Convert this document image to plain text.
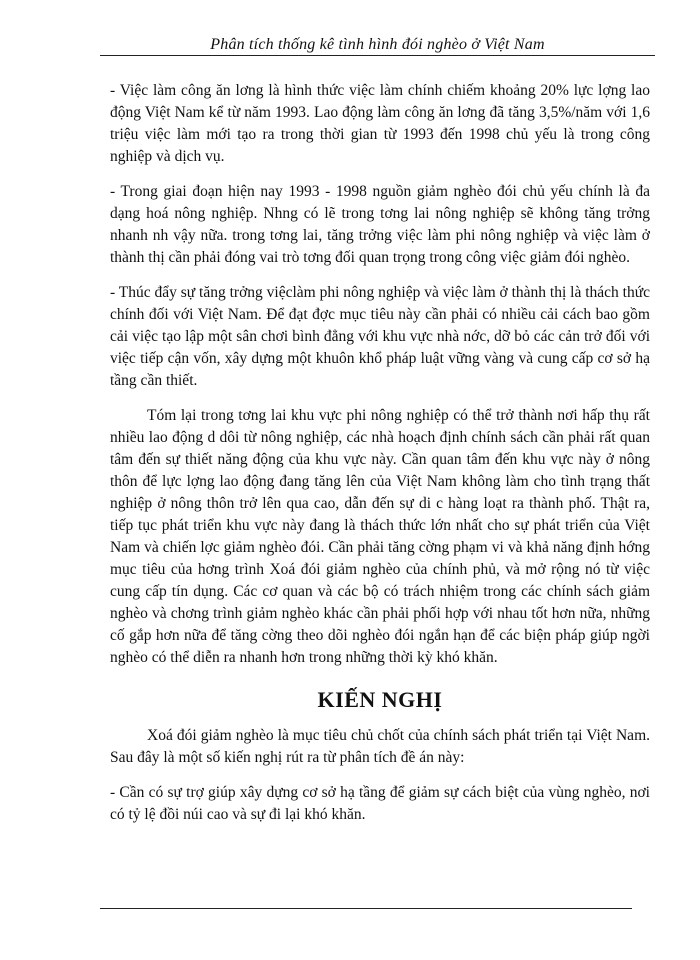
Phân tích thống kê tình hình đói nghèo ở Việt Nam

- Việc làm công ăn lơng là hình thức việc làm chính chiếm khoảng 20% lực lợng lao động Việt Nam kể từ năm 1993. Lao động làm công ăn lơng đã tăng 3,5%/năm với 1,6 triệu việc làm mới tạo ra trong thời gian từ 1993 đến 1998 chủ yếu là trong công nghiệp và dịch vụ.

- Trong giai đoạn hiện nay 1993 - 1998 nguồn giảm nghèo đói chủ yếu chính là đa dạng hoá nông nghiệp. Nhng có lẽ trong tơng lai nông nghiệp sẽ không tăng trởng nhanh nh vậy nữa. trong tơng lai, tăng trởng việc làm phi nông nghiệp và việc làm ở thành thị cần phải đóng vai trò tơng đối quan trọng trong công việc giảm đói nghèo.

- Thúc đẩy sự tăng trởng việclàm phi nông nghiệp và việc làm ở thành thị là thách thức chính đối với Việt Nam. Để đạt đợc mục tiêu này cần phải có nhiều cải cách bao gồm cải việc tạo lập một sân chơi bình đẳng với khu vực nhà nớc, dỡ bỏ các cản trở đối với việc tiếp cận vốn, xây dựng một khuôn khổ pháp luật vững vàng và cung cấp cơ sở hạ tầng cần thiết.

Tóm lại trong tơng lai khu vực phi nông nghiệp có thể trở thành nơi hấp thụ rất nhiều lao động d dôi từ nông nghiệp, các nhà hoạch định chính sách cần phải rất quan tâm đến sự thiết năng động của khu vực này. Cần quan tâm đến khu vực này ở nông thôn để lực lợng lao động đang tăng lên của Việt Nam không làm cho tình trạng thất nghiệp ở nông thôn trở lên qua cao, dẫn đến sự di c hàng loạt ra thành phố. Thật ra, tiếp tục phát triển khu vực này đang là thách thức lớn nhất cho sự phát triển của Việt Nam và chiến lợc giảm nghèo đói. Cần phải tăng cờng phạm vi và khả năng định hớng mục tiêu của hơng trình Xoá đói giảm nghèo của chính phủ, và mở rộng nó từ việc cung cấp tín dụng. Các cơ quan và các bộ có trách nhiệm trong các chính sách giảm nghèo và chơng trình giảm nghèo khác cần phải phối hợp với nhau tốt hơn nữa, những cố gắp hơn nữa để tăng cờng theo dõi nghèo đói ngắn hạn để các biện pháp giúp ngời nghèo có thể diễn ra nhanh hơn trong những thời kỳ khó khăn.

KIẾN NGHỊ

Xoá đói giảm nghèo là mục tiêu chủ chốt của chính sách phát triển tại Việt Nam. Sau đây là một số kiến nghị rút ra từ phân tích đề án này:

- Cần có sự trợ giúp xây dựng cơ sở hạ tầng để giảm sự cách biệt của vùng nghèo, nơi có tỷ lệ đồi núi cao và sự đi lại khó khăn.
